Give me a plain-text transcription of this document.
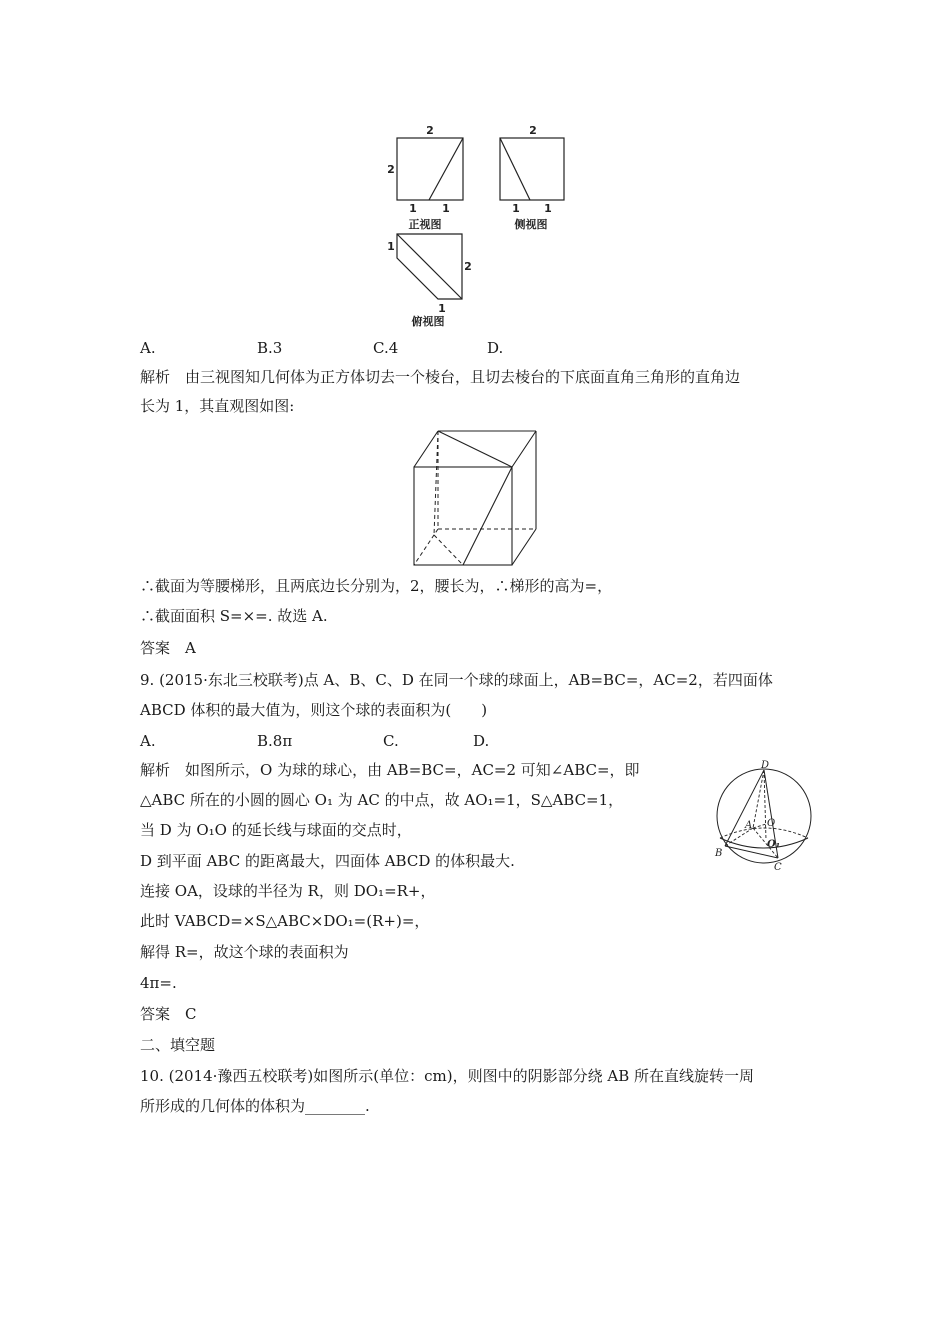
2
2
1 1
正视图
2
1 1
侧视图
1
2
1
俯视图
A.	B.3	C.4	D.
解析　由三视图知几何体为正方体切去一个棱台，且切去棱台的下底面直角三角形的直角边
长为 1，其直观图如图:
∴截面为等腰梯形，且两底边长分别为，2，腰长为，∴梯形的高为=，
∴截面面积 S=×=. 故选 A.
答案　A
9. (2015·东北三校联考)点 A、B、C、D 在同一个球的球面上，AB=BC=，AC=2，若四面体
ABCD 体积的最大值为，则这个球的表面积为(　　)
A.	B.8π	C.	D.
解析　如图所示，O 为球的球心，由 AB=BC=，AC=2 可知∠ABC=，即
△ABC 所在的小圆的圆心 O₁ 为 AC 的中点，故 AO₁=1，S△ABC=1，
当 D 为 O₁O 的延长线与球面的交点时，
D 到平面 ABC 的距离最大，四面体 ABCD 的体积最大.
连接 OA，设球的半径为 R，则 DO₁=R+，
此时 VABCD=×S△ABC×DO₁=(R+)=，
解得 R=，故这个球的表面积为
4π=.
D
A O
O₁
B
C
答案　C
二、填空题
10. (2014·豫西五校联考)如图所示(单位：cm)，则图中的阴影部分绕 AB 所在直线旋转一周
所形成的几何体的体积为________.
